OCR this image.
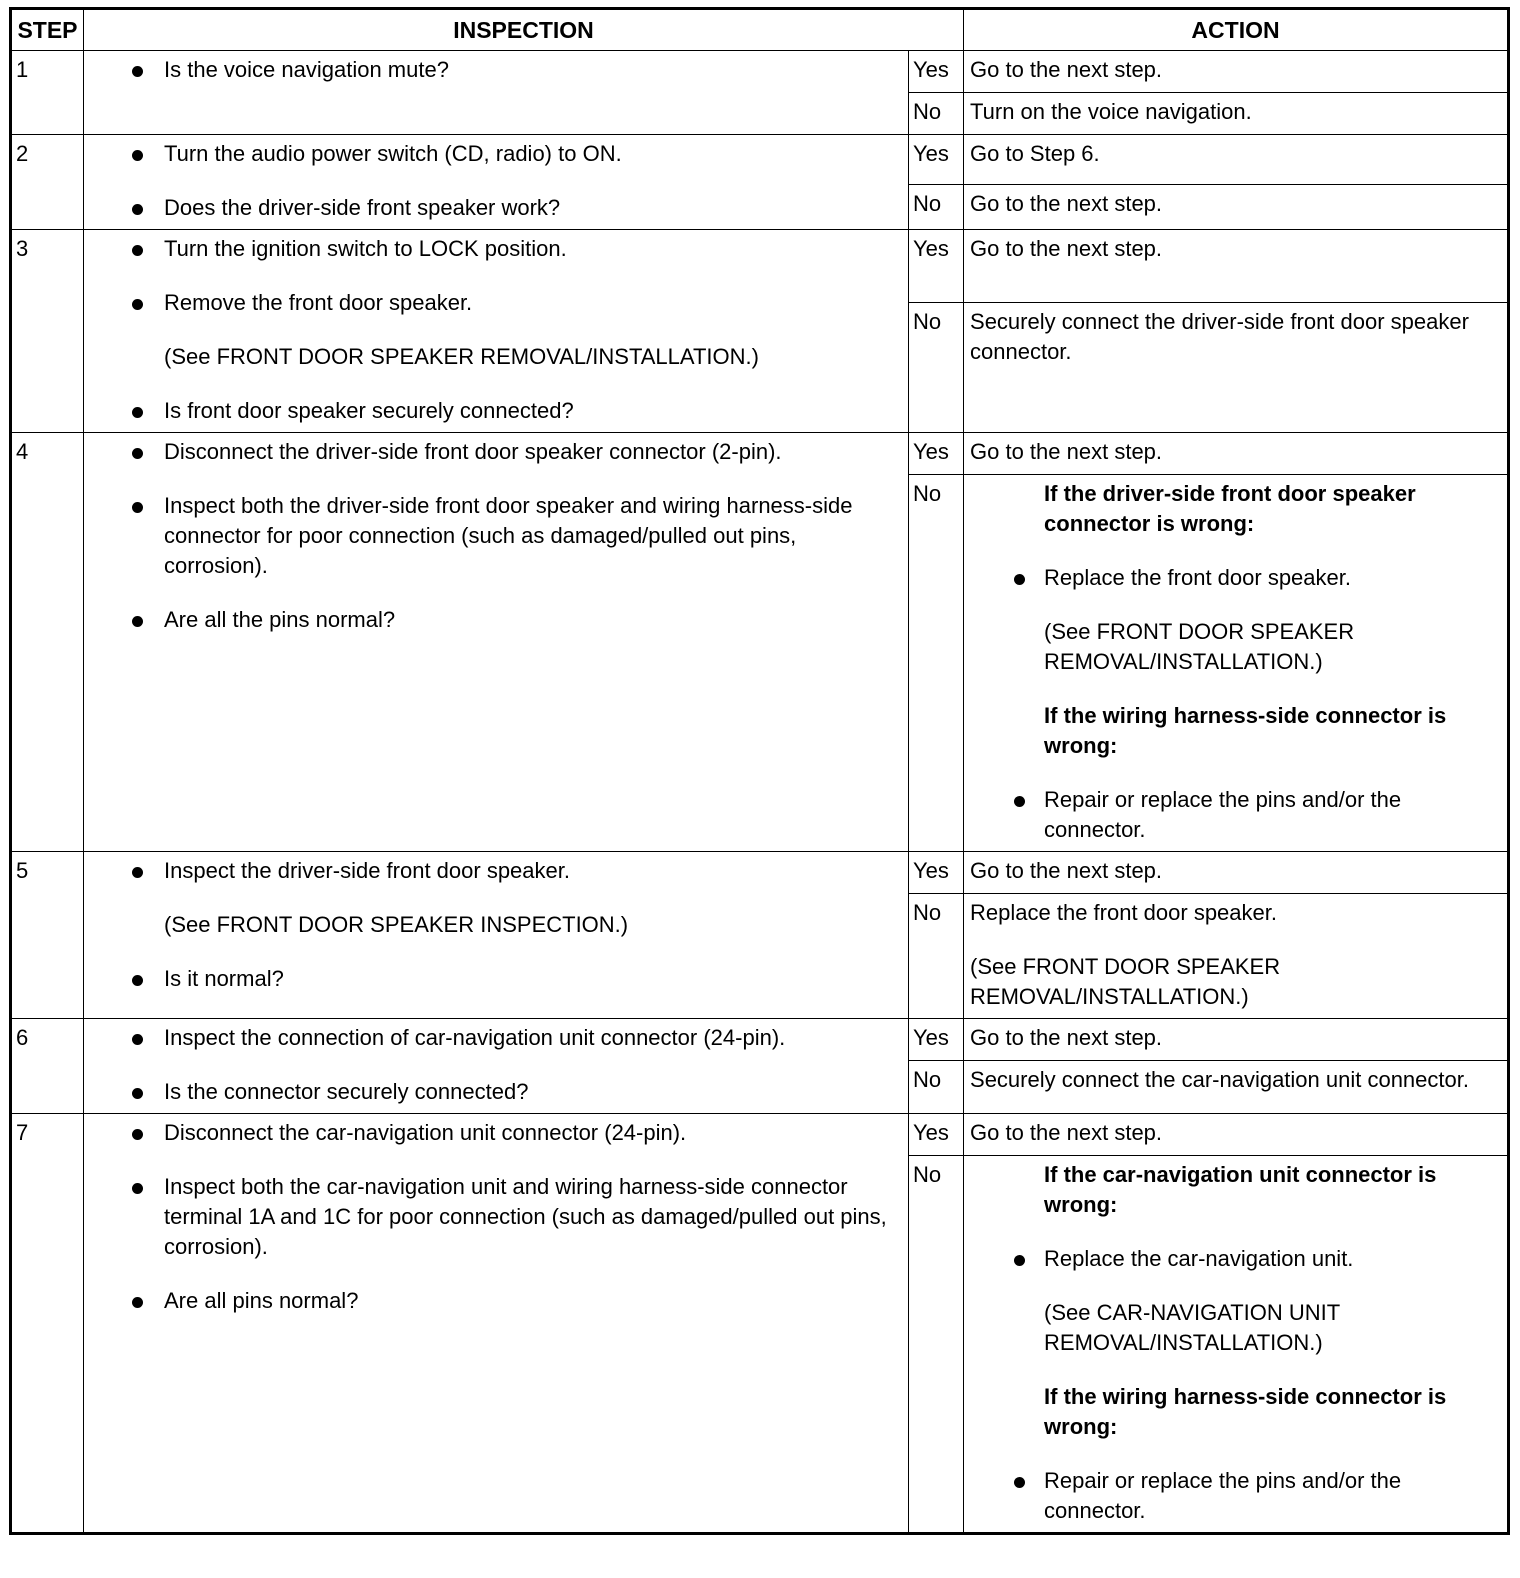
STEP	INSPECTION		ACTION
1	Is the voice navigation mute?	Yes	Go to the next step.
		No	Turn on the voice navigation.
2	Turn the audio power switch (CD, radio) to ON.
Does the driver-side front speaker work?	Yes	Go to Step 6.
		No	Go to the next step.
3	Turn the ignition switch to LOCK position.
Remove the front door speaker.
(See FRONT DOOR SPEAKER REMOVAL/INSTALLATION.)
Is front door speaker securely connected?	Yes	Go to the next step.
		No	Securely connect the driver-side front door speaker connector.
4	Disconnect the driver-side front door speaker connector (2-pin).
Inspect both the driver-side front door speaker and wiring harness-side connector for poor connection (such as damaged/pulled out pins, corrosion).
Are all the pins normal?	Yes	Go to the next step.
		No	If the driver-side front door speaker connector is wrong:
Replace the front door speaker.
(See FRONT DOOR SPEAKER REMOVAL/INSTALLATION.)
If the wiring harness-side connector is wrong:
Repair or replace the pins and/or the connector.

5	Inspect the driver-side front door speaker.
(See FRONT DOOR SPEAKER INSPECTION.)
Is it normal?	Yes	Go to the next step.
		No	Replace the front door speaker.
(See FRONT DOOR SPEAKER REMOVAL/INSTALLATION.)

6	Inspect the connection of car-navigation unit connector (24-pin).
Is the connector securely connected?	Yes	Go to the next step.
		No	Securely connect the car-navigation unit connector.
7	Disconnect the car-navigation unit connector (24-pin).
Inspect both the car-navigation unit and wiring harness-side connector terminal 1A and 1C for poor connection (such as damaged/pulled out pins, corrosion).
Are all pins normal?	Yes	Go to the next step.
		No	If the car-navigation unit connector is wrong:
Replace the car-navigation unit.
(See CAR-NAVIGATION UNIT REMOVAL/INSTALLATION.)
If the wiring harness-side connector is wrong:
Repair or replace the pins and/or the connector.
